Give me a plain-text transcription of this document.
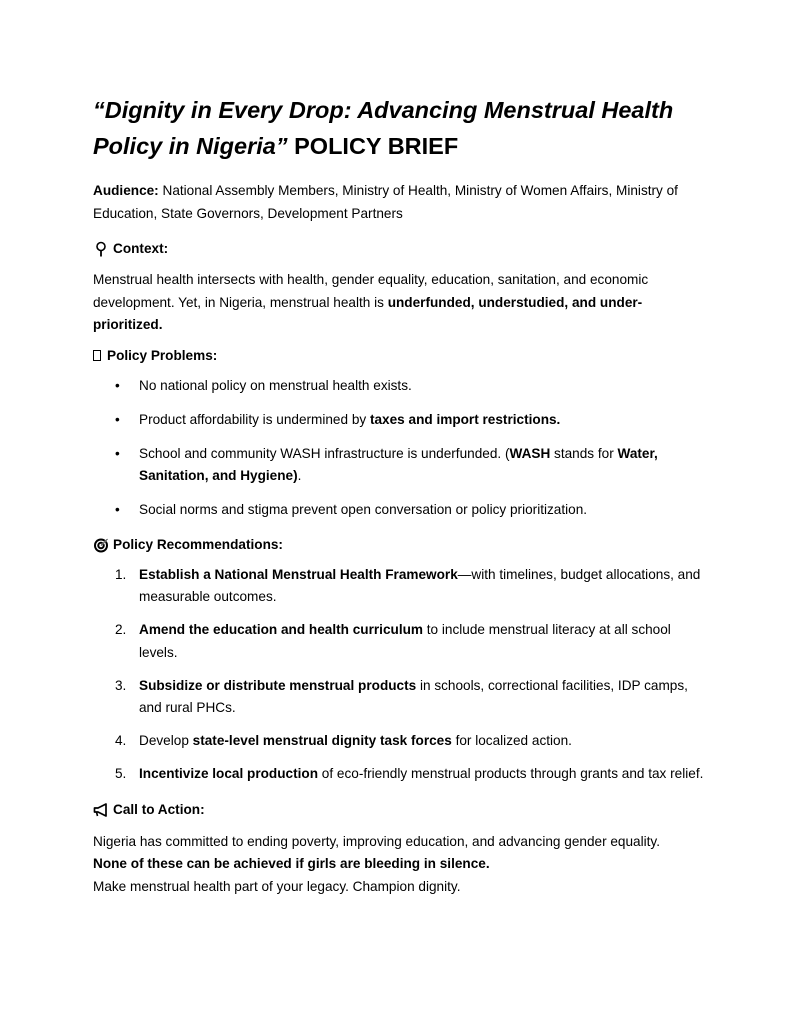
“Dignity in Every Drop: Advancing Menstrual Health Policy in Nigeria” POLICY BRIEF

Audience: National Assembly Members, Ministry of Health, Ministry of Women Affairs, Ministry of Education, State Governors, Development Partners

Context:

Menstrual health intersects with health, gender equality, education, sanitation, and economic development. Yet, in Nigeria, menstrual health is underfunded, understudied, and under-prioritized.

Policy Problems:
• No national policy on menstrual health exists.
• Product affordability is undermined by taxes and import restrictions.
• School and community WASH infrastructure is underfunded. (WASH stands for Water, Sanitation, and Hygiene).
• Social norms and stigma prevent open conversation or policy prioritization.
Policy Recommendations:
1. Establish a National Menstrual Health Framework—with timelines, budget allocations, and measurable outcomes.
2. Amend the education and health curriculum to include menstrual literacy at all school levels.
3. Subsidize or distribute menstrual products in schools, correctional facilities, IDP camps, and rural PHCs.
4. Develop state-level menstrual dignity task forces for localized action.
5. Incentivize local production of eco-friendly menstrual products through grants and tax relief.
Call to Action:

Nigeria has committed to ending poverty, improving education, and advancing gender equality.

None of these can be achieved if girls are bleeding in silence.

Make menstrual health part of your legacy. Champion dignity.
